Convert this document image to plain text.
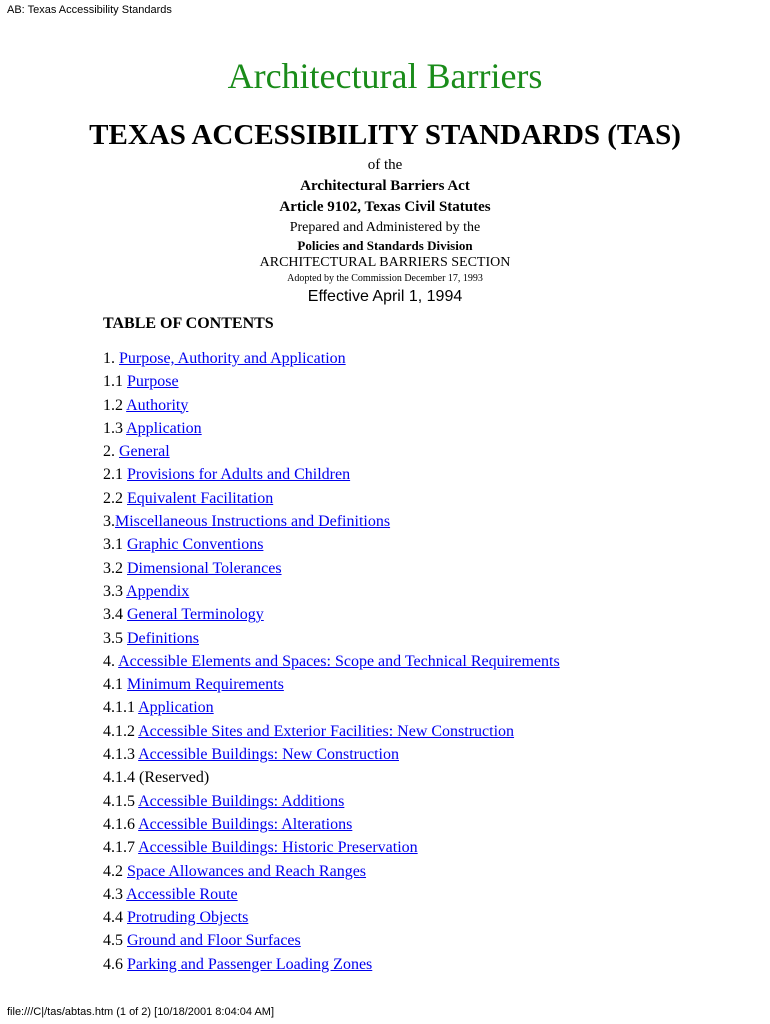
AB: Texas Accessibility Standards
Architectural Barriers
TEXAS ACCESSIBILITY STANDARDS (TAS)
of the
Architectural Barriers Act
Article 9102, Texas Civil Statutes
Prepared and Administered by the
Policies and Standards Division
ARCHITECTURAL BARRIERS SECTION
Adopted by the Commission December 17, 1993
Effective April 1, 1994
TABLE OF CONTENTS
1. Purpose, Authority and Application
1.1 Purpose
1.2 Authority
1.3 Application
2. General
2.1 Provisions for Adults and Children
2.2 Equivalent Facilitation
3.Miscellaneous Instructions and Definitions
3.1 Graphic Conventions
3.2 Dimensional Tolerances
3.3 Appendix
3.4 General Terminology
3.5 Definitions
4. Accessible Elements and Spaces: Scope and Technical Requirements
4.1 Minimum Requirements
4.1.1 Application
4.1.2 Accessible Sites and Exterior Facilities: New Construction
4.1.3 Accessible Buildings: New Construction
4.1.4 (Reserved)
4.1.5 Accessible Buildings: Additions
4.1.6 Accessible Buildings: Alterations
4.1.7 Accessible Buildings: Historic Preservation
4.2 Space Allowances and Reach Ranges
4.3 Accessible Route
4.4 Protruding Objects
4.5 Ground and Floor Surfaces
4.6 Parking and Passenger Loading Zones
file:///C|/tas/abtas.htm (1 of 2) [10/18/2001 8:04:04 AM]
